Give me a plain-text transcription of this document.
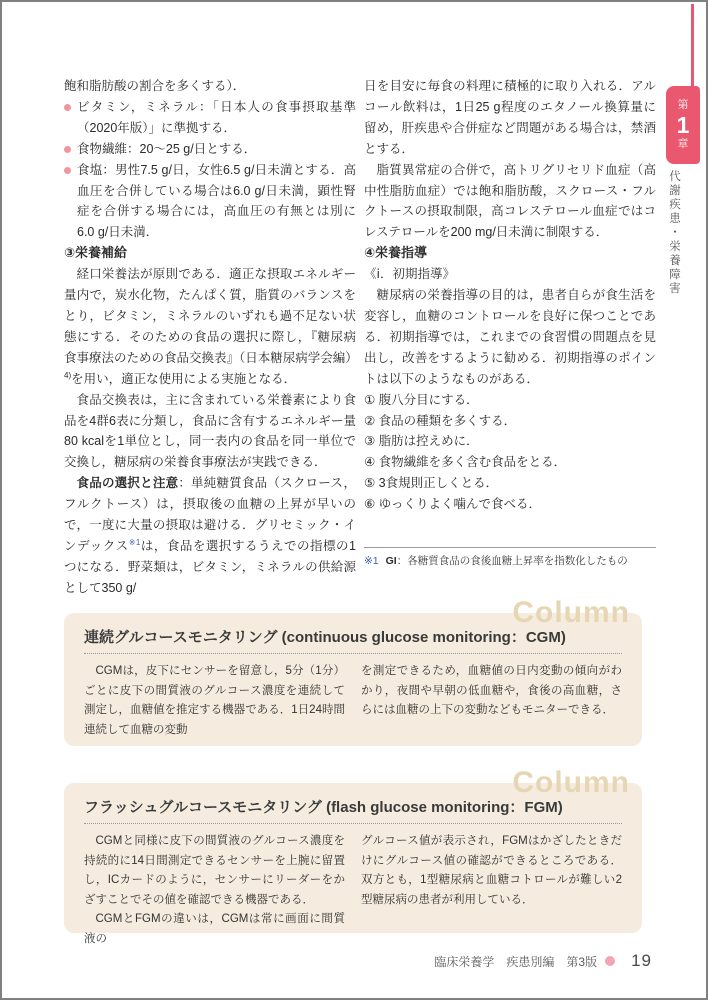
第
1
章
代謝疾患・栄養障害

飽和脂肪酸の割合を多くする）．

ビタミン，ミネラル：「日本人の食事摂取基準（2020年版）」に準拠する．

食物繊維：20〜25 g/日とする．

食塩：男性7.5 g/日，女性6.5 g/日未満とする．高血圧を合併している場合は6.0 g/日未満，顕性腎症を合併する場合には，高血圧の有無とは別に6.0 g/日未満．

③栄養補給

経口栄養法が原則である．適正な摂取エネルギー量内で，炭水化物，たんぱく質，脂質のバランスをとり，ビタミン，ミネラルのいずれも過不足ない状態にする．そのための食品の選択に際し，『糖尿病食事療法のための食品交換表』（日本糖尿病学会編）$^{4)}$を用い，適正な使用による実施となる．

食品交換表は，主に含まれている栄養素により食品を4群6表に分類し，食品に含有するエネルギー量80 kcalを1単位とし，同一表内の食品を同一単位で交換し，糖尿病の栄養食事療法が実践できる．

食品の選択と注意：単純糖質食品（スクロース，フルクトース）は，摂取後の血糖の上昇が早いので，一度に大量の摂取は避ける．グリセミック・インデックス$^{※1}$は，食品を選択するうえでの指標の1つになる．野菜類は，ビタミン，ミネラルの供給源として350 g/

日を目安に毎食の料理に積極的に取り入れる．アルコール飲料は，1日25 g程度のエタノール換算量に留め，肝疾患や合併症など問題がある場合は，禁酒とする．

脂質異常症の合併で，高トリグリセリド血症（高中性脂肪血症）では飽和脂肪酸，スクロース・フルクトースの摂取制限，高コレステロール血症ではコレステロールを200 mg/日未満に制限する．

④栄養指導

《ⅰ．初期指導》

糖尿病の栄養指導の目的は，患者自らが食生活を変容し，血糖のコントロールを良好に保つことである．初期指導では，これまでの食習慣の問題点を見出し，改善をするように勧める．初期指導のポイントは以下のようなものがある．

① 腹八分目にする．

② 食品の種類を多くする．

③ 脂肪は控えめに．

④ 食物繊維を多く含む食品をとる．

⑤ 3食規則正しくとる．

⑥ ゆっくりよく噛んで食べる．

※1 GI：各糖質食品の食後血糖上昇率を指数化したもの
Column
連続グルコースモニタリング (continuous glucose monitoring：CGM)

CGMは，皮下にセンサーを留意し，5分（1分）ごとに皮下の間質液のグルコース濃度を連続して測定し，血糖値を推定する機器である．1日24時間連続して血糖の変動

を測定できるため，血糖値の日内変動の傾向がわかり，夜間や早朝の低血糖や，食後の高血糖，さらには血糖の上下の変動などもモニターできる．

Column
フラッシュグルコースモニタリング (flash glucose monitoring：FGM)

CGMと同様に皮下の間質液のグルコース濃度を持続的に14日間測定できるセンサーを上腕に留置し，ICカードのように，センサーにリーダーをかざすことでその値を確認できる機器である．

CGMとFGMの違いは，CGMは常に画面に間質液の

グルコース値が表示され，FGMはかざしたときだけにグルコース値の確認ができるところである．双方とも，1型糖尿病と血糖コトロールが難しい2型糖尿病の患者が利用している．

臨床栄養学　疾患別編　第3版 19
